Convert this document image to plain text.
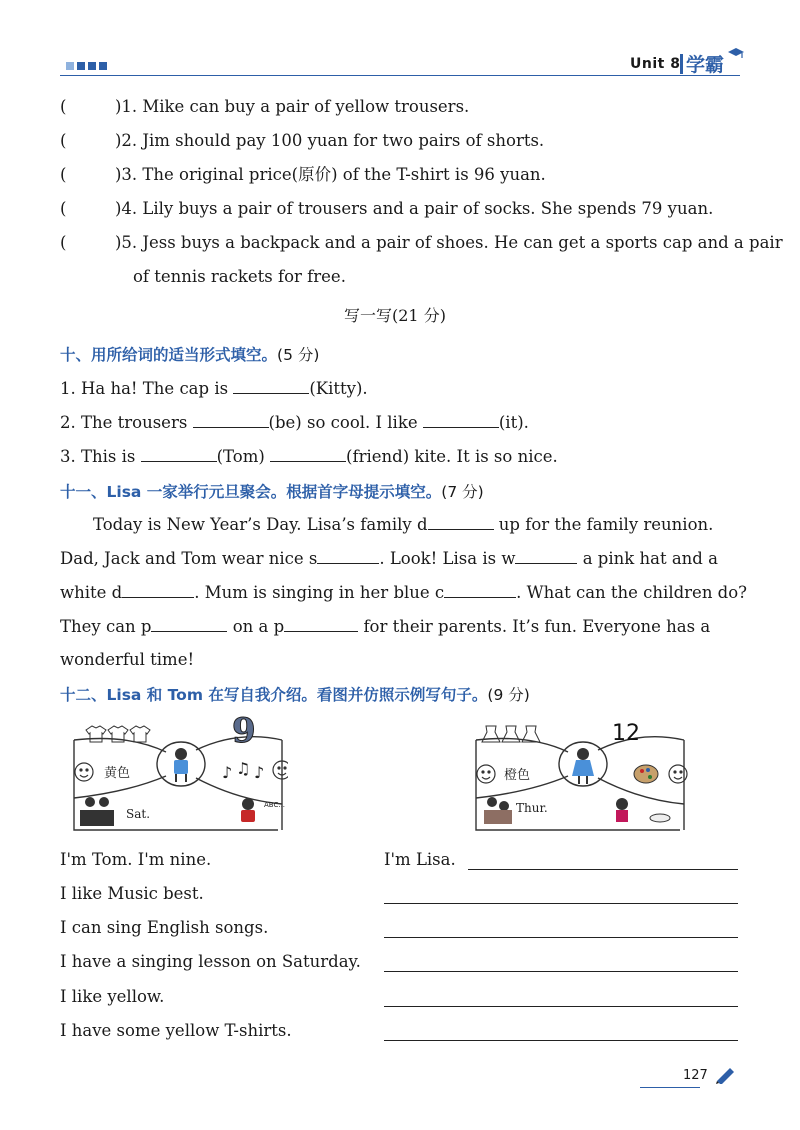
Unit 8 学霸
(	)1. Mike can buy a pair of yellow trousers.
(	)2. Jim should pay 100 yuan for two pairs of shorts.
(	)3. The original price(原价) of the T-shirt is 96 yuan.
(	)4. Lily buys a pair of trousers and a pair of socks. She spends 79 yuan.
(	)5. Jess buys a backpack and a pair of shoes. He can get a sports cap and a pair
of tennis rackets for free.
写一写(21 分)
十、用所给词的适当形式填空。(5 分)
1. Ha ha! The cap is	(Kitty).
2. The trousers	(be) so cool. I like	(it).
3. This is	(Tom)	(friend) kite. It is so nice.
十一、Lisa 一家举行元旦聚会。根据首字母提示填空。(7 分)
Today is New Year’s Day. Lisa’s family d	up for the family reunion.
Dad, Jack and Tom wear nice s	. Look! Lisa is w	a pink hat and a
white d	. Mum is singing in her blue c	. What can the children do?
They can p	on a p	for their parents. It’s fun. Everyone has a
wonderful time!
十二、Lisa 和 Tom 在写自我介绍。看图并仿照示例写句子。(9 分)
黄色
9
♪ ♫ ♪
Sat.
ABC...
12
橙色
Thur.
I'm Tom. I'm nine.
I like Music best.
I can sing English songs.
I have a singing lesson on Saturday.
I like yellow.
I have some yellow T-shirts.
I'm Lisa.
127
